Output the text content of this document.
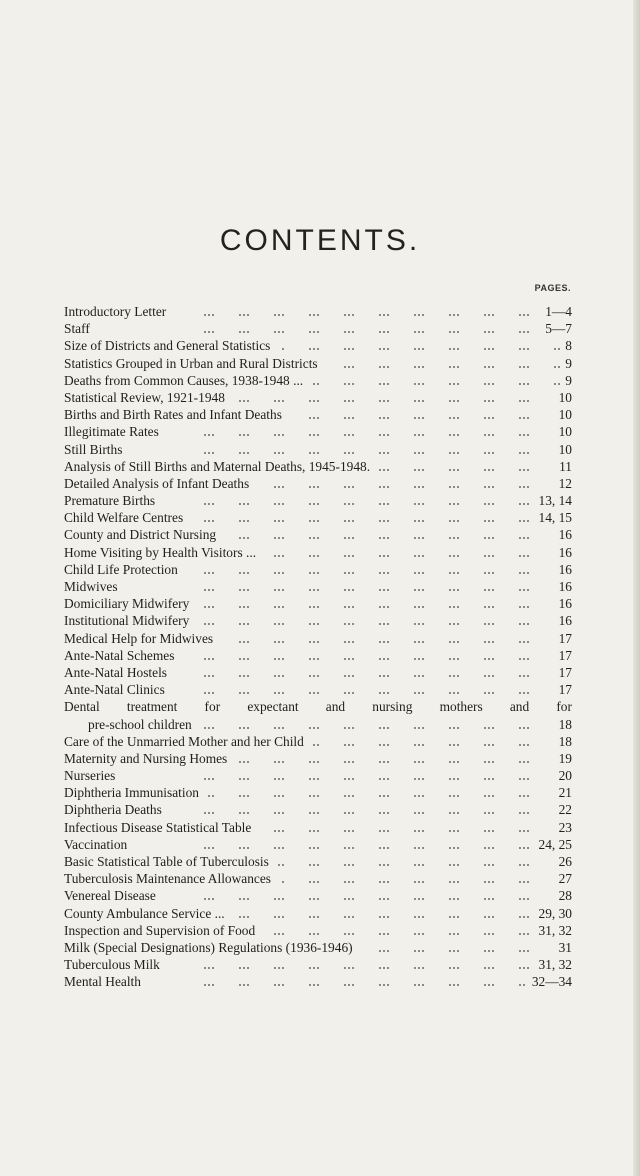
CONTENTS.
PAGES.
Introductory Letter	1—4
Staff	5—7
Size of Districts and General Statistics	8
Statistics Grouped in Urban and Rural Districts	9
Deaths from Common Causes, 1938-1948 ...	9
Statistical Review, 1921-1948	10
Births and Birth Rates and Infant Deaths	10
Illegitimate Rates	10
Still Births	10
Analysis of Still Births and Maternal Deaths, 1945-1948.	11
Detailed Analysis of Infant Deaths	12
Premature Births	13, 14
Child Welfare Centres	14, 15
County and District Nursing	16
Home Visiting by Health Visitors ...	16
Child Life Protection	16
Midwives	16
Domiciliary Midwifery	16
Institutional Midwifery	16
Medical Help for Midwives	17
Ante-Natal Schemes	17
Ante-Natal Hostels	17
Ante-Natal Clinics	17
Dental treatment for expectant and nursing mothers and for
pre-school children	18
Care of the Unmarried Mother and her Child	18
Maternity and Nursing Homes	19
Nurseries	20
Diphtheria Immunisation	21
Diphtheria Deaths	22
Infectious Disease Statistical Table	23
Vaccination	24, 25
Basic Statistical Table of Tuberculosis	26
Tuberculosis Maintenance Allowances	27
Venereal Disease	28
County Ambulance Service ...	29, 30
Inspection and Supervision of Food	31, 32
Milk (Special Designations) Regulations (1936-1946)	31
Tuberculous Milk	31, 32
Mental Health	32—34
